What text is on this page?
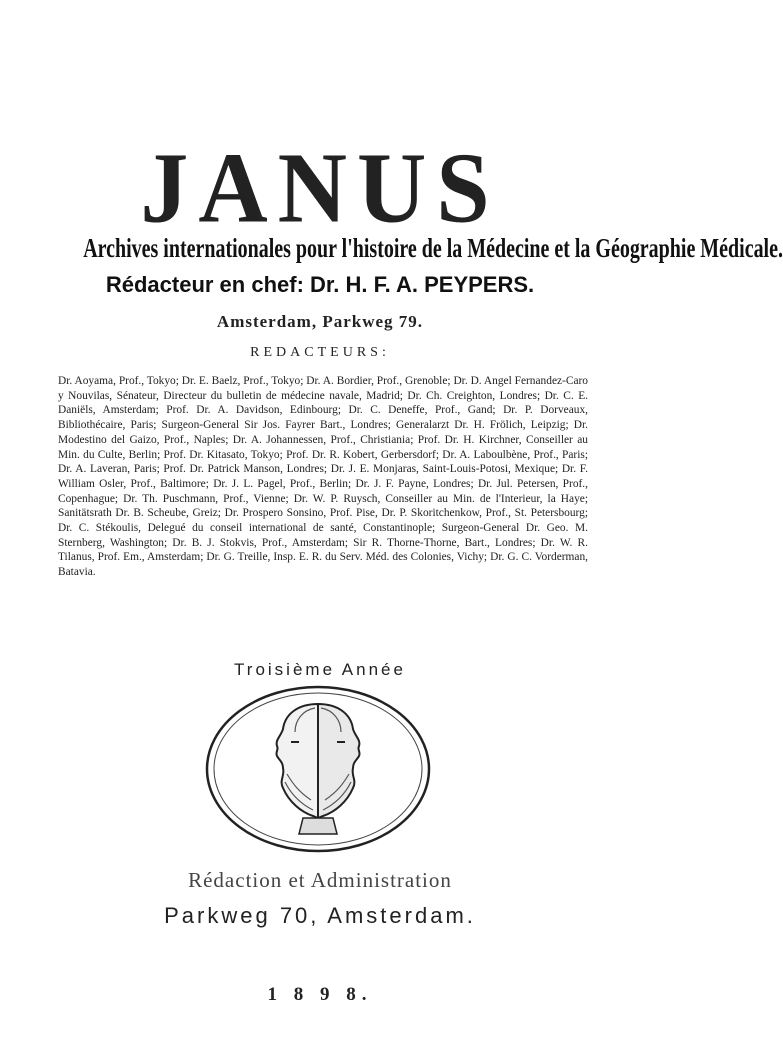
JANUS
Archives internationales pour l'histoire de la Médecine et la Géographie Médicale.
Rédacteur en chef: Dr. H. F. A. PEYPERS.
Amsterdam, Parkweg 79.
REDACTEURS:
Dr. Aoyama, Prof., Tokyo; Dr. E. Baelz, Prof., Tokyo; Dr. A. Bordier, Prof., Grenoble; Dr. D. Angel Fernandez-Caro y Nouvilas, Sénateur, Directeur du bulletin de médecine navale, Madrid; Dr. Ch. Creighton, Londres; Dr. C. E. Daniëls, Amsterdam; Prof. Dr. A. Davidson, Edinbourg; Dr. C. Deneffe, Prof., Gand; Dr. P. Dorveaux, Bibliothécaire, Paris; Surgeon-General Sir Jos. Fayrer Bart., Londres; Generalarzt Dr. H. Frölich, Leipzig; Dr. Modestino del Gaizo, Prof., Naples; Dr. A. Johannessen, Prof., Christiania; Prof. Dr. H. Kirchner, Conseiller au Min. du Culte, Berlin; Prof. Dr. Kitasato, Tokyo; Prof. Dr. R. Kobert, Gerbersdorf; Dr. A. Laboulbène, Prof., Paris; Dr. A. Laveran, Paris; Prof. Dr. Patrick Manson, Londres; Dr. J. E. Monjaras, Saint-Louis-Potosi, Mexique; Dr. F. William Osler, Prof., Baltimore; Dr. J. L. Pagel, Prof., Berlin; Dr. J. F. Payne, Londres; Dr. Jul. Petersen, Prof., Copenhague; Dr. Th. Puschmann, Prof., Vienne; Dr. W. P. Ruysch, Conseiller au Min. de l'Interieur, la Haye; Sanitätsrath Dr. B. Scheube, Greiz; Dr. Prospero Sonsino, Prof. Pise, Dr. P. Skoritchenkow, Prof., St. Petersbourg; Dr. C. Stékoulis, Delegué du conseil international de santé, Constantinople; Surgeon-General Dr. Geo. M. Sternberg, Washington; Dr. B. J. Stokvis, Prof., Amsterdam; Sir R. Thorne-Thorne, Bart., Londres; Dr. W. R. Tilanus, Prof. Em., Amsterdam; Dr. G. Treille, Insp. E. R. du Serv. Méd. des Colonies, Vichy; Dr. G. C. Vorderman, Batavia.
Troisième Année
Rédaction et Administration
Parkweg 70, Amsterdam.
1 8 9 8.
